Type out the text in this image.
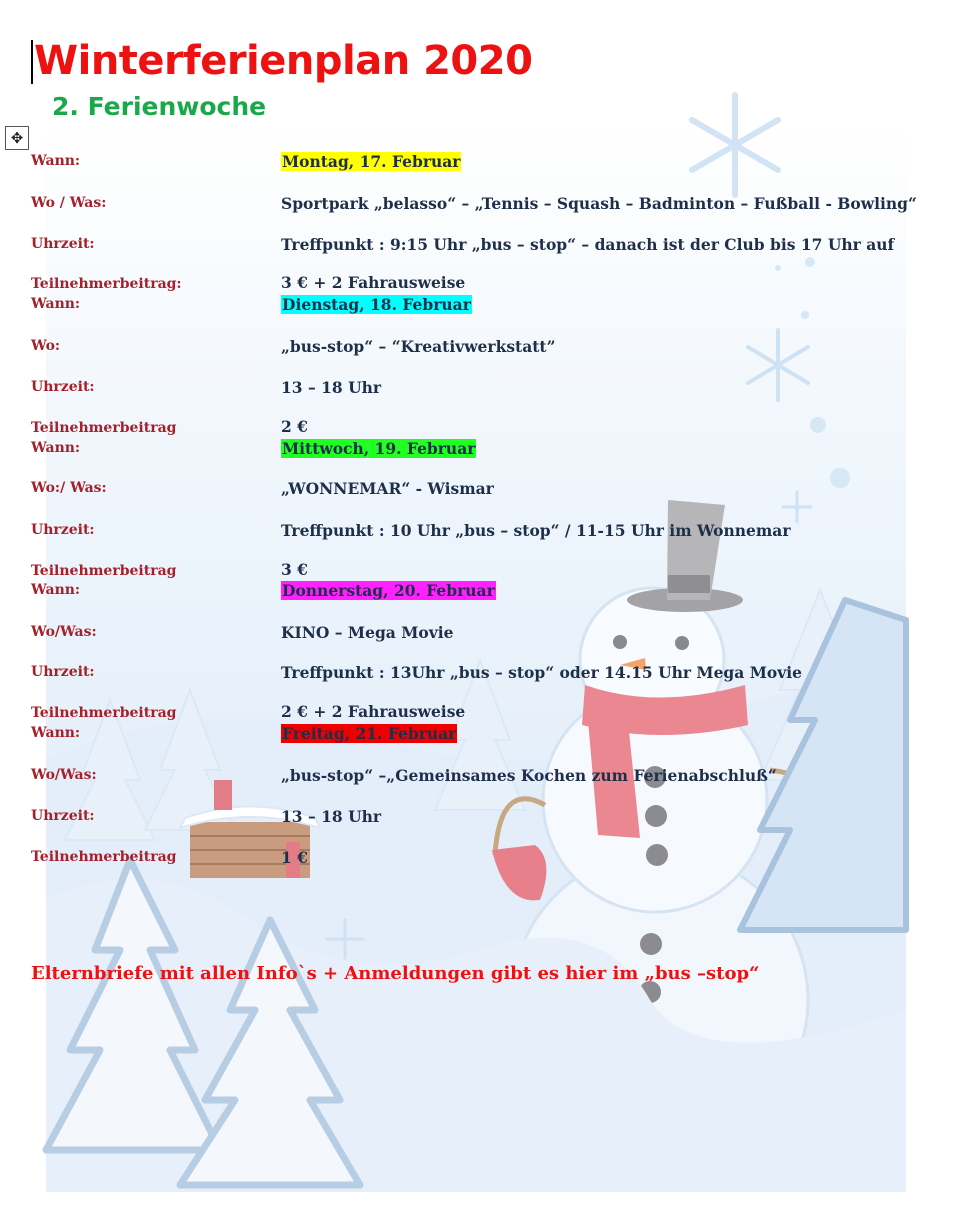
Winterferienplan 2020
2. Ferienwoche
✥
Wann:	Montag, 17. Februar
Wo / Was:	Sportpark „belasso“ – „Tennis – Squash – Badminton – Fußball - Bowling“
Uhrzeit:	Treffpunkt : 9:15 Uhr „bus – stop“ – danach ist der Club bis 17 Uhr auf
Teilnehmerbeitrag:	3 € + 2 Fahrausweise
Wann:	Dienstag, 18. Februar
Wo:	„bus-stop“ – “Kreativwerkstatt”
Uhrzeit:	13 – 18 Uhr
Teilnehmerbeitrag	2 €
Wann:	Mittwoch, 19. Februar
Wo:/ Was:	„WONNEMAR“ - Wismar
Uhrzeit:	Treffpunkt : 10 Uhr „bus – stop“ / 11-15 Uhr im Wonnemar
Teilnehmerbeitrag	3 €
Wann:	Donnerstag, 20. Februar
Wo/Was:	KINO – Mega Movie
Uhrzeit:	Treffpunkt : 13Uhr „bus – stop“ oder 14.15 Uhr Mega Movie
Teilnehmerbeitrag	2 € + 2 Fahrausweise
Wann:	Freitag, 21. Februar
Wo/Was:	„bus-stop“ –„Gemeinsames Kochen zum Ferienabschluß“
Uhrzeit:	13 – 18 Uhr
Teilnehmerbeitrag	1 €
Elternbriefe mit allen Info`s + Anmeldungen gibt es hier im „bus –stop“
